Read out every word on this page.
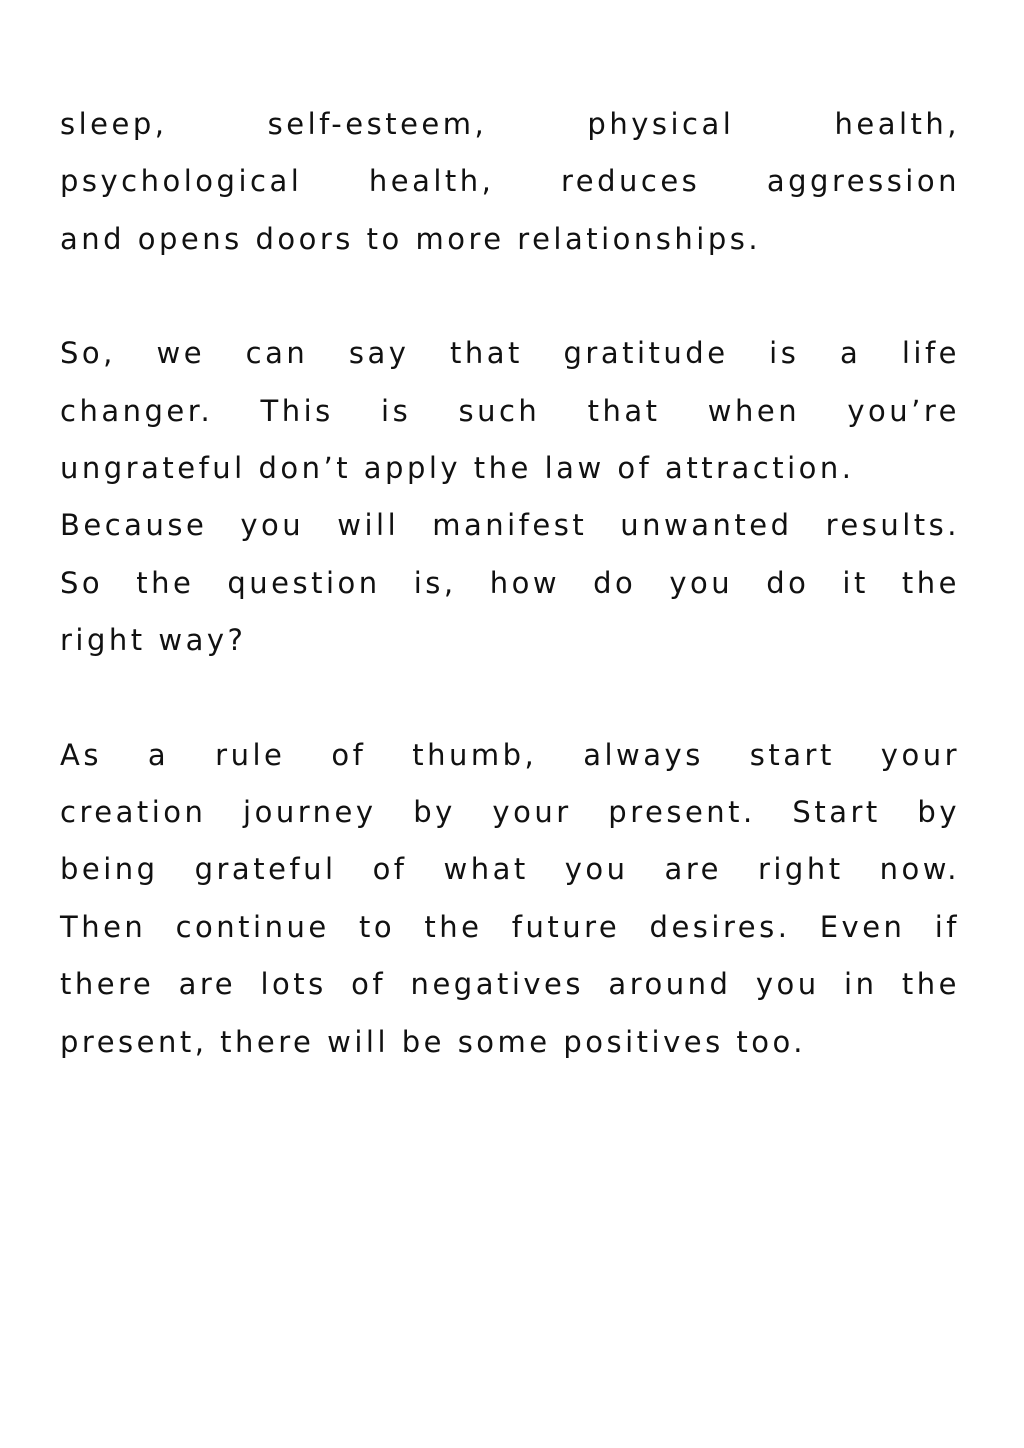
sleep, self-esteem, physical health,
psychological health, reduces aggression
and opens doors to more relationships.

So, we can say that gratitude is a life
changer. This is such that when you’re
ungrateful don’t apply the law of attraction.
Because you will manifest unwanted results.
So the question is, how do you do it the
right way?

As a rule of thumb, always start your
creation journey by your present. Start by
being grateful of what you are right now.
Then continue to the future desires. Even if
there are lots of negatives around you in the
present, there will be some positives too.
